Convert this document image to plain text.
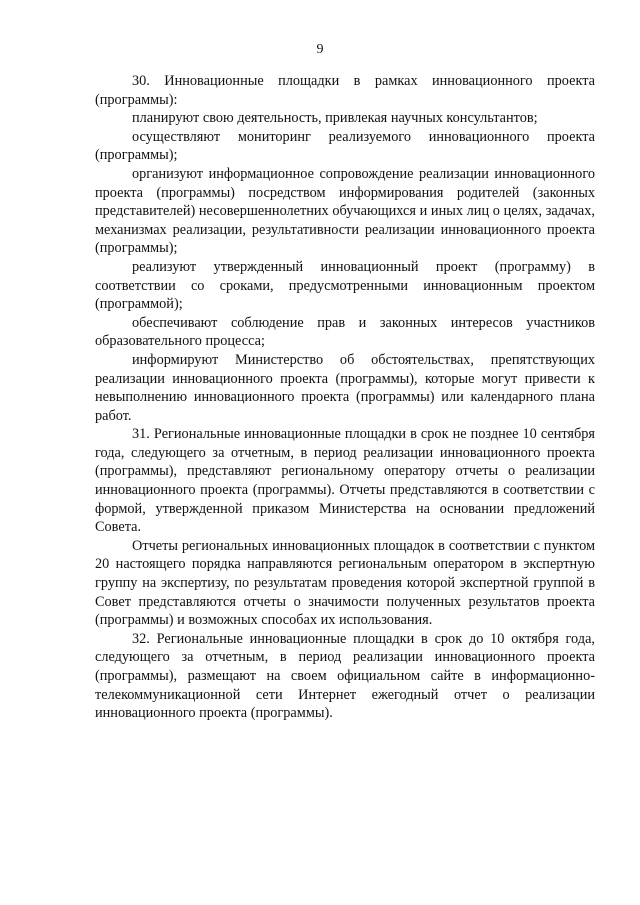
9

30. Инновационные площадки в рамках инновационного проекта (программы):

планируют свою деятельность, привлекая научных консультантов;

осуществляют мониторинг реализуемого инновационного проекта (программы);

организуют информационное сопровождение реализации инновационного проекта (программы) посредством информирования родителей (законных представителей) несовершеннолетних обучающихся и иных лиц о целях, задачах, механизмах реализации, результативности реализации инновационного проекта (программы);

реализуют утвержденный инновационный проект (программу) в соответствии со сроками, предусмотренными инновационным проектом (программой);

обеспечивают соблюдение прав и законных интересов участников образовательного процесса;

информируют Министерство об обстоятельствах, препятствующих реализации инновационного проекта (программы), которые могут привести к невыполнению инновационного проекта (программы) или календарного плана работ.

31. Региональные инновационные площадки в срок не позднее 10 сентября года, следующего за отчетным, в период реализации инновационного проекта (программы), представляют региональному оператору отчеты о реализации инновационного проекта (программы). Отчеты представляются в соответствии с формой, утвержденной приказом Министерства на основании предложений Совета.

Отчеты региональных инновационных площадок в соответствии с пунктом 20 настоящего порядка направляются региональным оператором в экспертную группу на экспертизу, по результатам проведения которой экспертной группой в Совет представляются отчеты о значимости полученных результатов проекта (программы) и возможных способах их использования.

32. Региональные инновационные площадки в срок до 10 октября года, следующего за отчетным, в период реализации инновационного проекта (программы), размещают на своем официальном сайте в информационно-телекоммуникационной сети Интернет ежегодный отчет о реализации инновационного проекта (программы).
